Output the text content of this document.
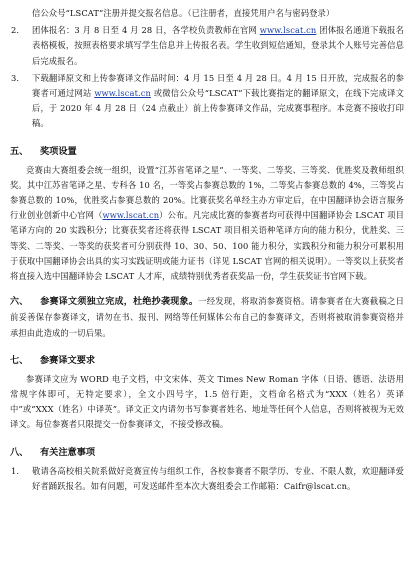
信公众号“LSCAT”注册并提交报名信息。（已注册者，直接凭用户名与密码登录）

2. 团体报名：3 月 8 日至 4 月 28 日，各学校负责教师在官网 www.lscat.cn 团体报名通道下载报名表格模板，按照表格要求填写学生信息并上传报名表。学生收到短信通知，登录其个人账号完善信息后完成报名。

3. 下载翻译原文和上传参赛译文作品时间：4 月 15 日至 4 月 28 日。4 月 15 日开放，完成报名的参赛者可通过网站 www.lscat.cn 或微信公众号“LSCAT”下载比赛指定的翻译原文，在线下完成译文后，于 2020 年 4 月 28 日（24 点截止）前上传参赛译文作品，完成赛事程序。本竞赛不接收打印稿。

五、 奖项设置

竞赛由大赛组委会统一组织，设置“江苏省笔译之星”、一等奖、二等奖、三等奖、优胜奖及教师组织奖。其中江苏省笔译之星、专科各 10 名，一等奖占参赛总数的 1%，二等奖占参赛总数的 4%，三等奖占参赛总数的 10%，优胜奖占参赛总数的 20%。比赛获奖名单经主办方审定后，在中国翻译协会语言服务行业创业创新中心官网（www.lscat.cn）公布。凡完成比赛的参赛者均可获得中国翻译协会 LSCAT 项目笔译方向的 20 实践积分；比赛获奖者还将获得 LSCAT 项目相关语种笔译方向的能力积分，优胜奖、三等奖、二等奖、一等奖的获奖者可分别获得 10、30、50、100 能力积分，实践积分和能力积分可累积用于获取中国翻译协会出具的实习实践证明或能力证书（详见 LSCAT 官网的相关说明）。一等奖以上获奖者将直接入选中国翻译协会 LSCAT 人才库，成绩特别优秀者获奖品一份，学生获奖证书官网下载。

六、 参赛译文须独立完成，杜绝抄袭现象。一经发现，将取消参赛资格。请参赛者在大赛截稿之日前妥善保存参赛译文，请勿在书、报刊、网络等任何媒体公布自己的参赛译文，否则将被取消参赛资格并承担由此造成的一切后果。

七、 参赛译文要求

参赛译文应为 WORD 电子文档，中文宋体、英文 Times New Roman 字体（日语、德语、法语用常规字体即可，无特定要求），全文小四号字，1.5 倍行距，文档命名格式为“XXX（姓名）英译中”或“XXX（姓名）中译英”。译文正文内请勿书写参赛者姓名、地址等任何个人信息，否则将被视为无效译文。每位参赛者只限提交一份参赛译文，不接受修改稿。

八、 有关注意事项

1. 敬请各高校相关院系做好竞赛宣传与组织工作，各校参赛者不限学历、专业、不限人数，欢迎翻译爱好者踊跃报名。如有问题，可发送邮件至本次大赛组委会工作邮箱：Caifr@lscat.cn。
